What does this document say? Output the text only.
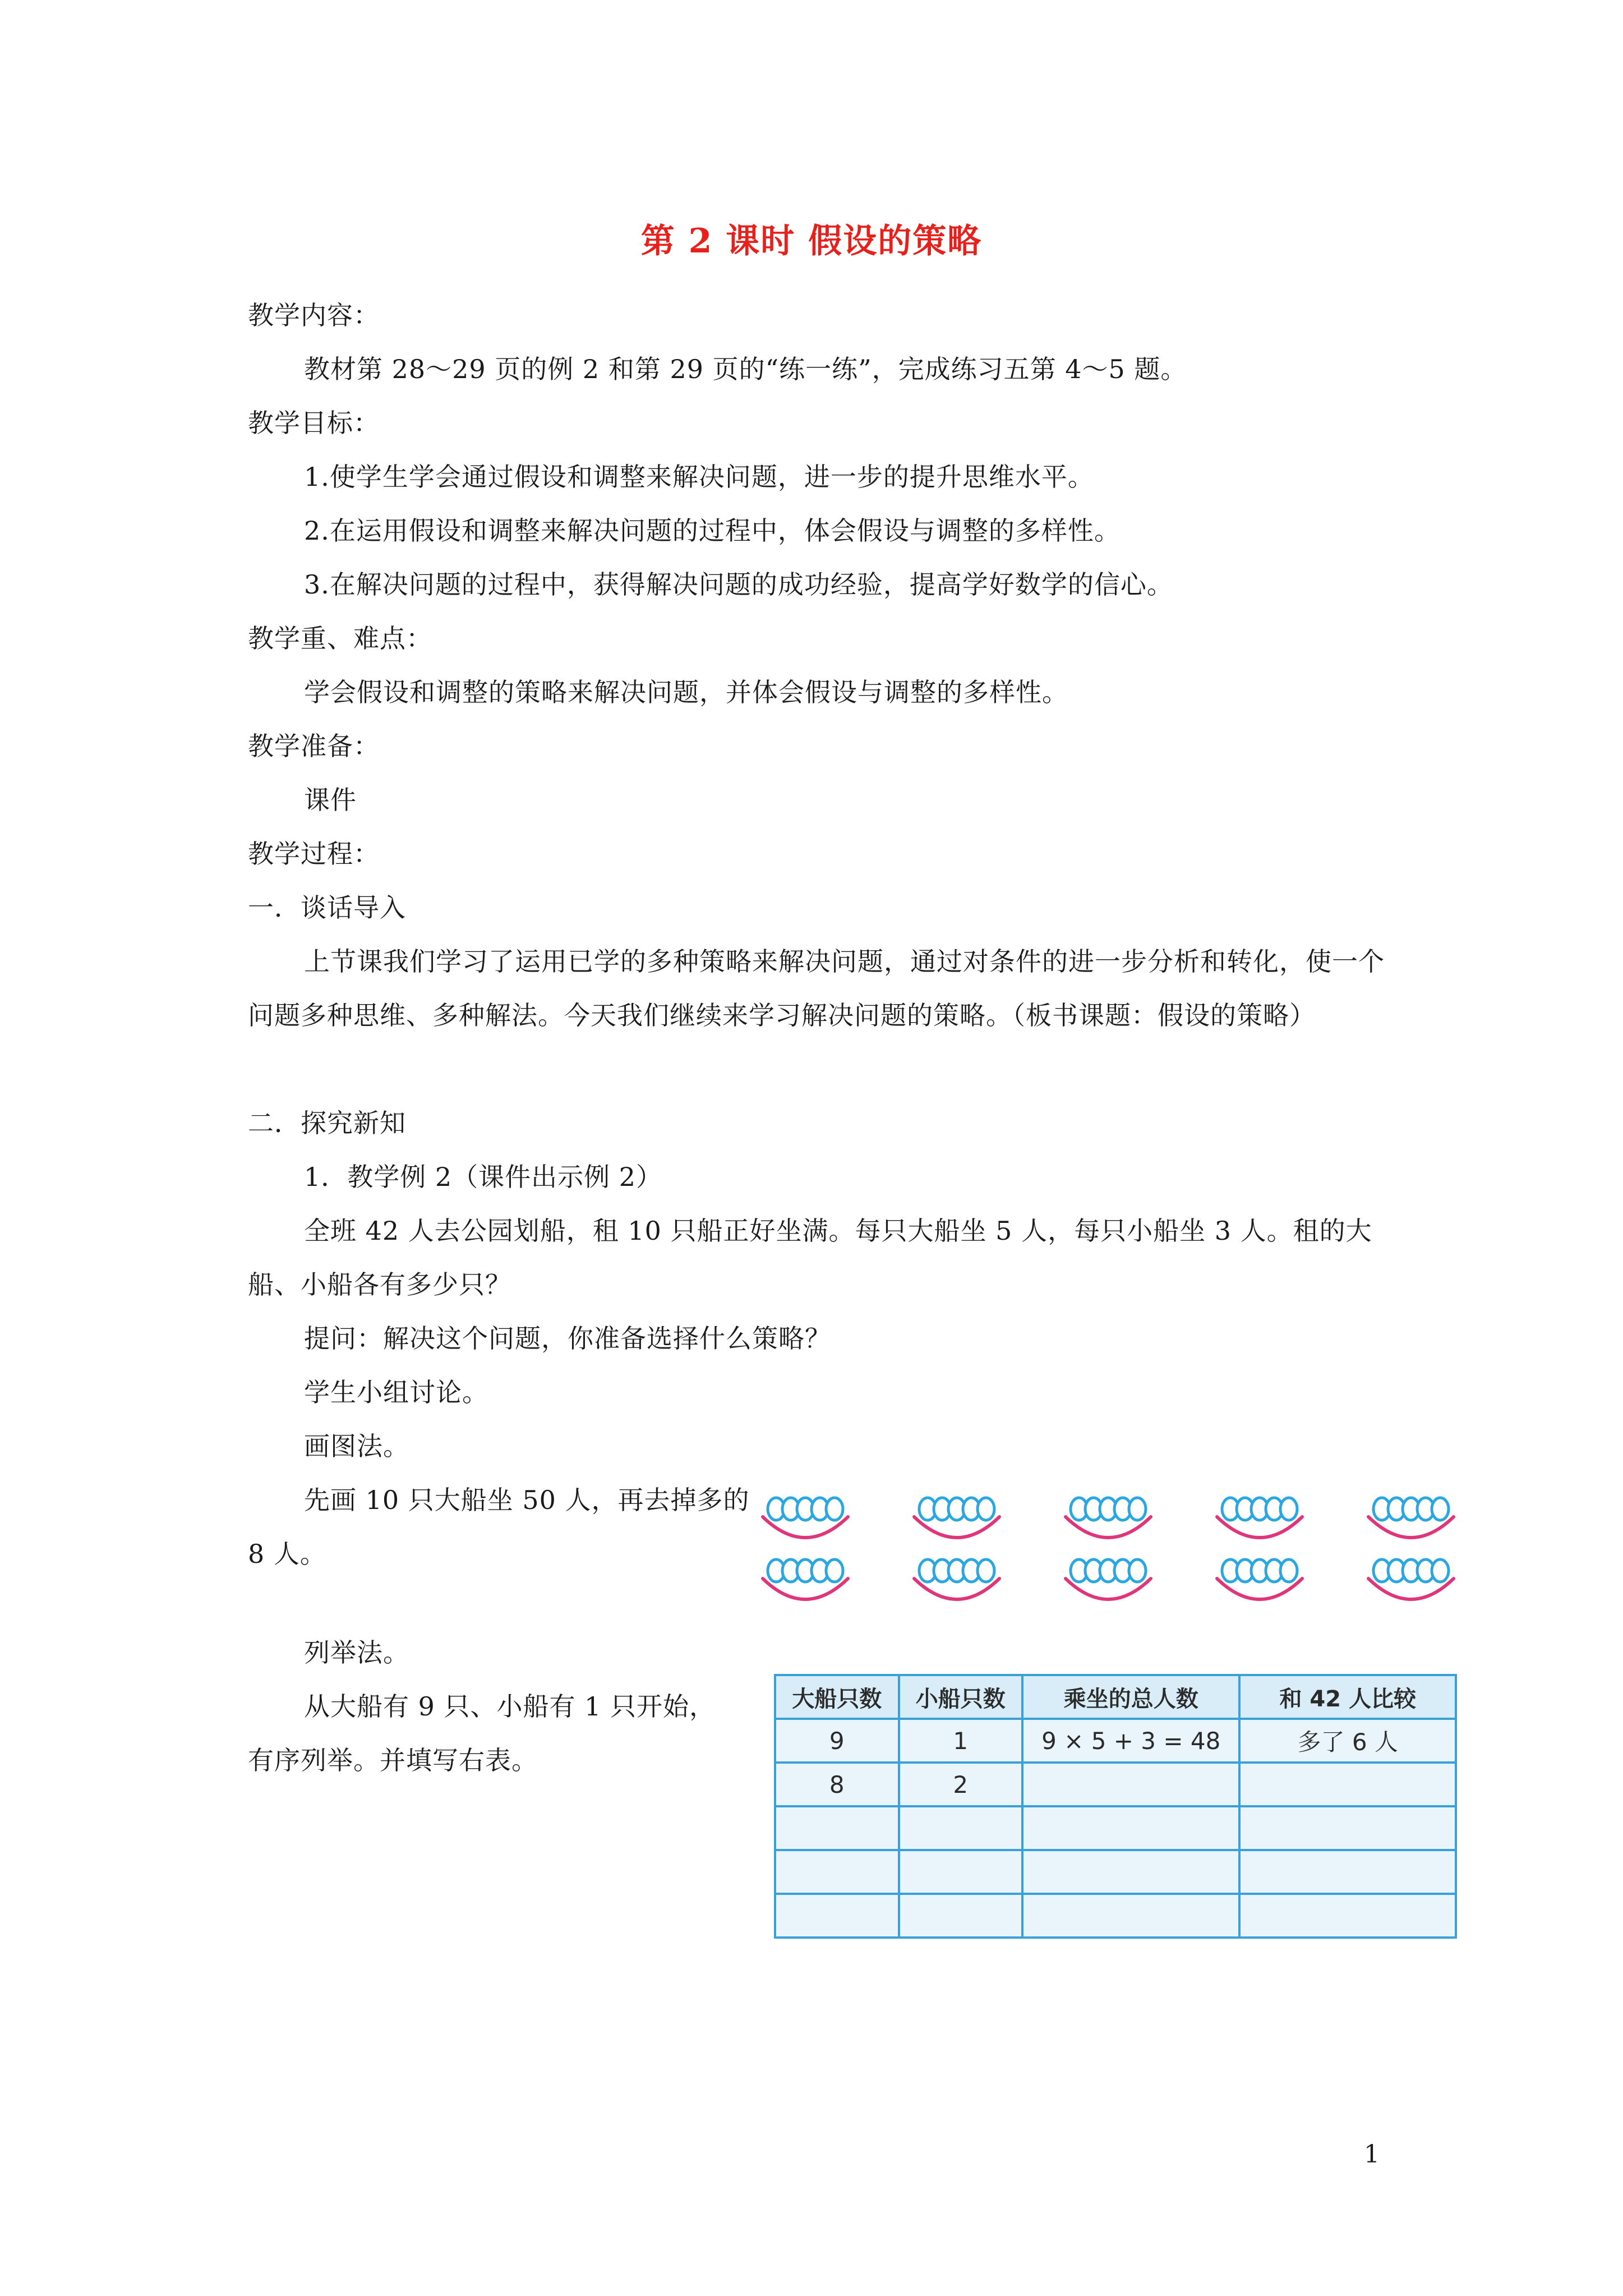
第 2 课时 假设的策略
教学内容：
教材第 28～29 页的例 2 和第 29 页的“练一练”，完成练习五第 4～5 题。
教学目标：
1.使学生学会通过假设和调整来解决问题，进一步的提升思维水平。
2.在运用假设和调整来解决问题的过程中，体会假设与调整的多样性。
3.在解决问题的过程中，获得解决问题的成功经验，提高学好数学的信心。
教学重、难点：
学会假设和调整的策略来解决问题，并体会假设与调整的多样性。
教学准备：
课件
教学过程：
一．谈话导入
上节课我们学习了运用已学的多种策略来解决问题，通过对条件的进一步分析和转化，使一个问题多种思维、多种解法。今天我们继续来学习解决问题的策略。（板书课题：假设的策略）
二．探究新知
1．教学例 2（课件出示例 2）
全班 42 人去公园划船，租 10 只船正好坐满。每只大船坐 5 人，每只小船坐 3 人。租的大船、小船各有多少只？
提问：解决这个问题，你准备选择什么策略？
学生小组讨论。
画图法。
先画 10 只大船坐 50 人，再去掉多的 8 人。
列举法。
从大船有 9 只、小船有 1 只开始，有序列举。并填写右表。
大船只数	小船只数	乘坐的总人数	和 42 人比较
9	1	9 × 5 + 3 = 48	多了 6 人
8	2		

1
